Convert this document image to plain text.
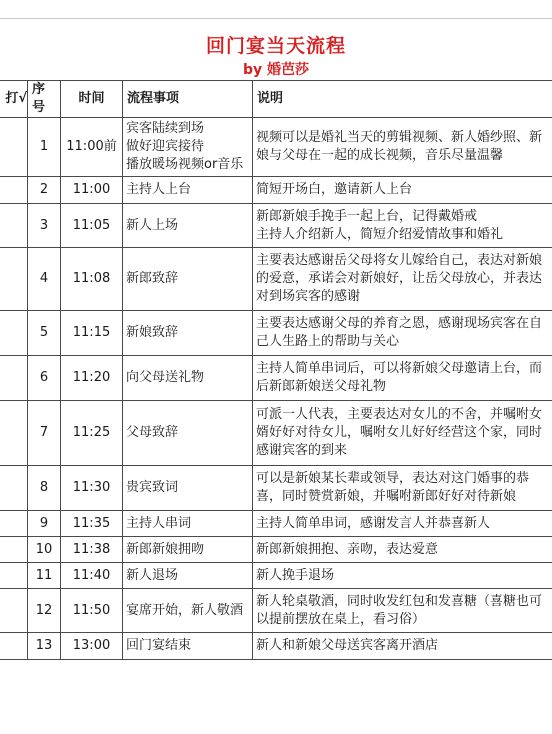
回门宴当天流程
by 婚芭莎
打√	序号	时间	流程事项	说明
	1	11:00前	宾客陆续到场
做好迎宾接待
播放暖场视频or音乐	视频可以是婚礼当天的剪辑视频、新人婚纱照、新娘与父母在一起的成长视频，音乐尽量温馨
	2	11:00	主持人上台	简短开场白，邀请新人上台
	3	11:05	新人上场	新郎新娘手挽手一起上台，记得戴婚戒
主持人介绍新人，简短介绍爱情故事和婚礼
	4	11:08	新郎致辞	主要表达感谢岳父母将女儿嫁给自己，表达对新娘的爱意，承诺会对新娘好，让岳父母放心，并表达对到场宾客的感谢
	5	11:15	新娘致辞	主要表达感谢父母的养育之恩，感谢现场宾客在自己人生路上的帮助与关心
	6	11:20	向父母送礼物	主持人简单串词后，可以将新娘父母邀请上台，而后新郎新娘送父母礼物
	7	11:25	父母致辞	可派一人代表，主要表达对女儿的不舍，并嘱咐女婿好好对待女儿，嘱咐女儿好好经营这个家，同时感谢宾客的到来
	8	11:30	贵宾致词	可以是新娘某长辈或领导，表达对这门婚事的恭喜，同时赞赏新娘，并嘱咐新郎好好对待新娘
	9	11:35	主持人串词	主持人简单串词，感谢发言人并恭喜新人
	10	11:38	新郎新娘拥吻	新郎新娘拥抱、亲吻，表达爱意
	11	11:40	新人退场	新人挽手退场
	12	11:50	宴席开始，新人敬酒	新人轮桌敬酒，同时收发红包和发喜糖（喜糖也可以提前摆放在桌上，看习俗）
	13	13:00	回门宴结束	新人和新娘父母送宾客离开酒店
